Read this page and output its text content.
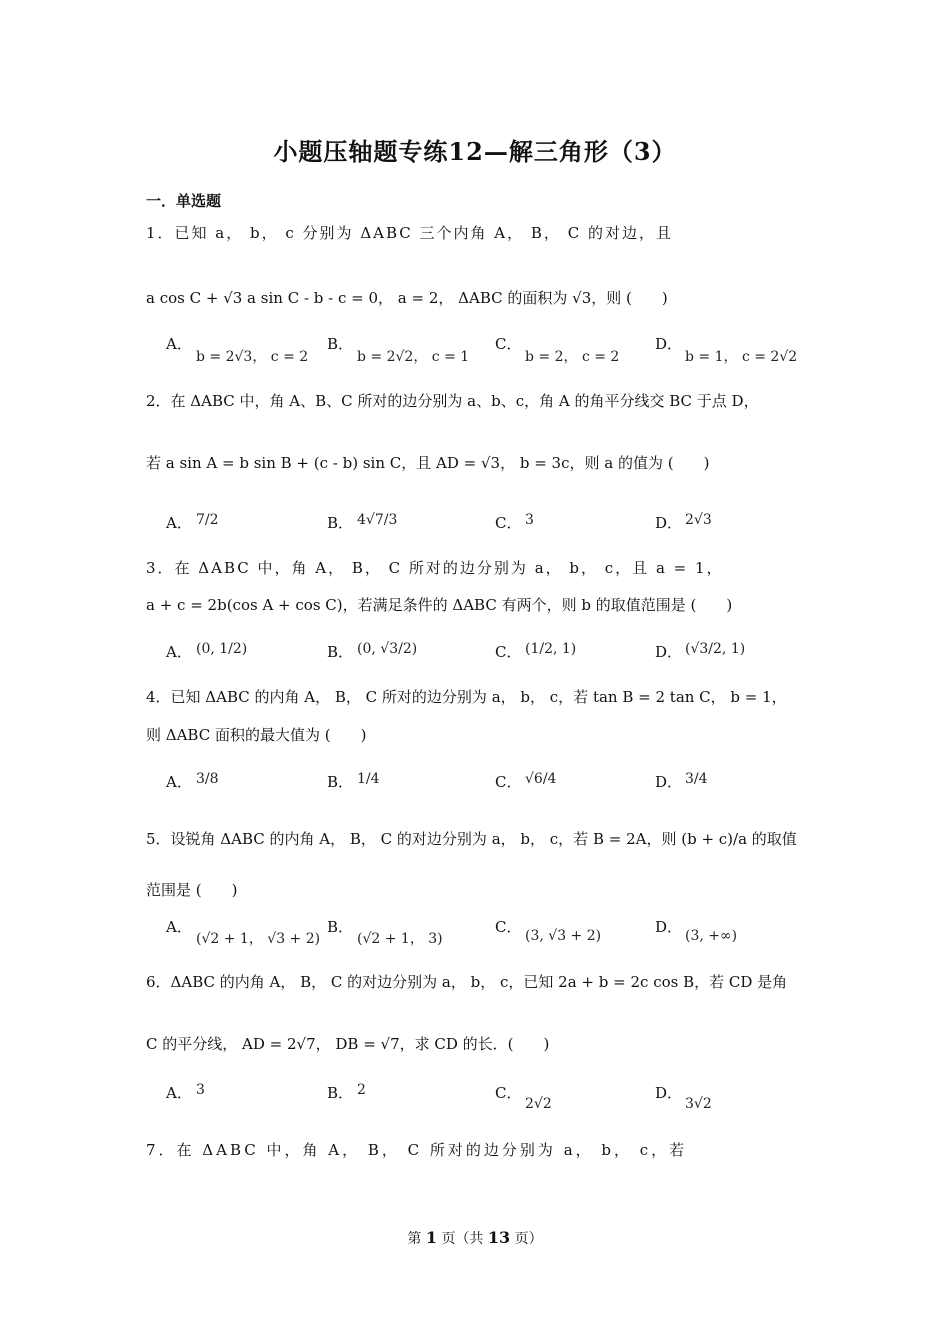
小题压轴题专练12—解三角形（3）
一．单选题
1．已知 a， b， c 分别为 ΔABC 三个内角 A， B， C 的对边，且
a cos C + √3 a sin C - b - c = 0， a = 2， ΔABC 的面积为 √3，则 (　　)
A．
b = 2√3， c = 2
B．
b = 2√2， c = 1
C．
b = 2， c = 2
D．
b = 1， c = 2√2
2．在 ΔABC 中，角 A、B、C 所对的边分别为 a、b、c，角 A 的角平分线交 BC 于点 D，
若 a sin A = b sin B + (c - b) sin C，且 AD = √3， b = 3c，则 a 的值为 (　　)
A． 7/2	B． 4√7/3	C． 3	D． 2√3
3．在 ΔABC 中，角 A， B， C 所对的边分别为 a， b， c，且 a = 1，
a + c = 2b(cos A + cos C)，若满足条件的 ΔABC 有两个，则 b 的取值范围是 (　　)
A． (0, 1/2)	B． (0, √3/2)	C． (1/2, 1)	D． (√3/2, 1)
4．已知 ΔABC 的内角 A， B， C 所对的边分别为 a， b， c，若 tan B = 2 tan C， b = 1，
则 ΔABC 面积的最大值为 (　　)
A． 3/8	B． 1/4	C． √6/4	D． 3/4
5．设锐角 ΔABC 的内角 A， B， C 的对边分别为 a， b， c，若 B = 2A，则 (b + c)/a 的取值
范围是 (　　)
A．
(√2 + 1， √3 + 2)
B．
(√2 + 1， 3)
C． (3, √3 + 2)	D． (3, +∞)
6．ΔABC 的内角 A， B， C 的对边分别为 a， b， c，已知 2a + b = 2c cos B，若 CD 是角
C 的平分线， AD = 2√7， DB = √7，求 CD 的长．(　　)
A． 3	B． 2	C．
2√2
D．
3√2
7．在 ΔABC 中，角 A， B， C 所对的边分别为 a， b， c，若
第 1 页（共 13 页）
